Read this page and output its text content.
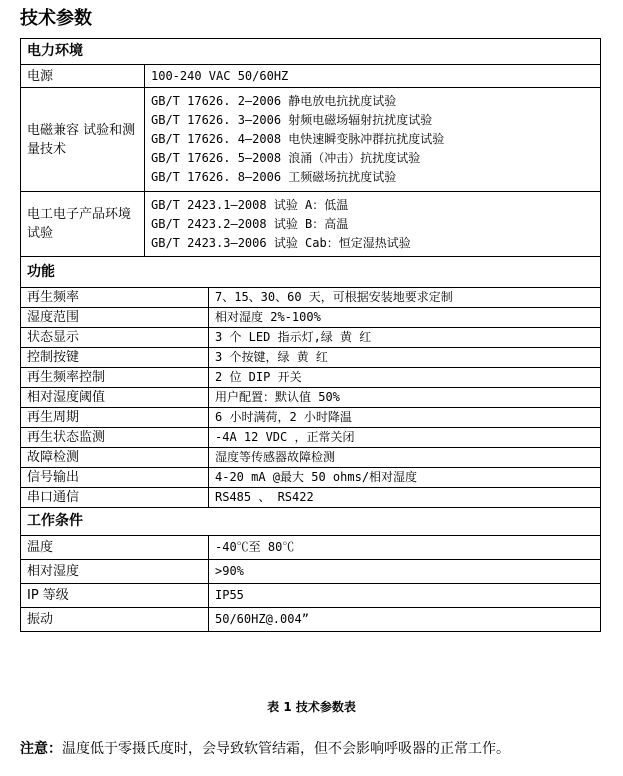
技术参数
电力环境		
电源	100-240 VAC 50/60HZ	
电磁兼容 试验和测量技术	GB/T 17626. 2—2006 静电放电抗扰度试验
GB/T 17626. 3—2006 射频电磁场辐射抗扰度试验
GB/T 17626. 4—2008 电快速瞬变脉冲群抗扰度试验
GB/T 17626. 5—2008 浪涌（冲击）抗扰度试验
GB/T 17626. 8—2006 工频磁场抗扰度试验	

电工电子产品环境试验	GB/T 2423.1—2008 试验 A：低温
GB/T 2423.2—2008 试验 B：高温
GB/T 2423.3—2006 试验 Cab：恒定湿热试验	

功能		
再生频率		7、15、30、60 天，可根据安装地要求定制
湿度范围		相对湿度 2%-100%
状态显示		3 个 LED 指示灯,绿 黄 红
控制按键		3 个按键，绿 黄 红
再生频率控制		2 位 DIP 开关
相对湿度阈值		用户配置：默认值 50%
再生周期		6 小时满荷，2 小时降温
再生状态监测		-4A 12 VDC ，正常关闭
故障检测		湿度等传感器故障检测
信号输出		4-20 mA @最大 50 ohms/相对湿度
串口通信		RS485 、 RS422
工作条件		
温度		-40℃至 80℃
相对湿度		>90%
IP 等级		IP55
振动		50/60HZ@.004”
表 1 技术参数表
注意：温度低于零摄氏度时，会导致软管结霜，但不会影响呼吸器的正常工作。
